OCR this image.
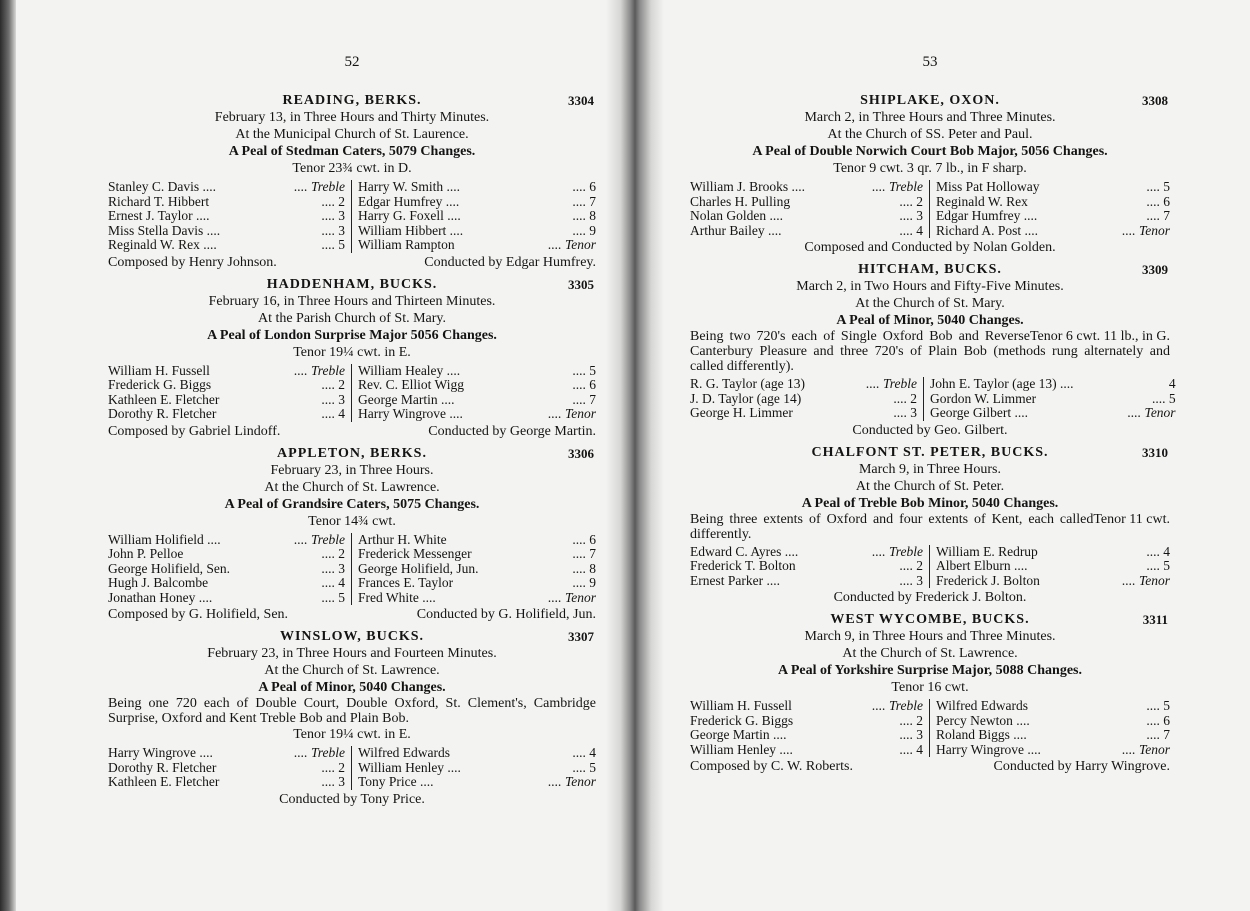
52
READING, BERKS.	3304
February 13, in Three Hours and Thirty Minutes.
At the Municipal Church of St. Laurence.
A Peal of Stedman Caters, 5079 Changes.
Tenor 23¾ cwt. in D.
Stanley C. Davis ....	.... Treble
Richard T. Hibbert	.... 2
Ernest J. Taylor ....	.... 3
Miss Stella Davis ....	.... 3
Reginald W. Rex ....	.... 5
Harry W. Smith ....	.... 6
Edgar Humfrey ....	.... 7
Harry G. Foxell ....	.... 8
William Hibbert ....	.... 9
William Rampton	.... Tenor
Composed by Henry Johnson.	Conducted by Edgar Humfrey.
HADDENHAM, BUCKS.	3305
February 16, in Three Hours and Thirteen Minutes.
At the Parish Church of St. Mary.
A Peal of London Surprise Major 5056 Changes.
Tenor 19¼ cwt. in E.
William H. Fussell	.... Treble
Frederick G. Biggs	.... 2
Kathleen E. Fletcher	.... 3
Dorothy R. Fletcher	.... 4
William Healey ....	.... 5
Rev. C. Elliot Wigg	.... 6
George Martin ....	.... 7
Harry Wingrove ....	.... Tenor
Composed by Gabriel Lindoff.	Conducted by George Martin.
APPLETON, BERKS.	3306
February 23, in Three Hours.
At the Church of St. Lawrence.
A Peal of Grandsire Caters, 5075 Changes.
Tenor 14¾ cwt.
William Holifield ....	.... Treble
John P. Pelloe	.... 2
George Holifield, Sen.	.... 3
Hugh J. Balcombe	.... 4
Jonathan Honey ....	.... 5
Arthur H. White	.... 6
Frederick Messenger	.... 7
George Holifield, Jun.	.... 8
Frances E. Taylor	.... 9
Fred White ....	.... Tenor
Composed by G. Holifield, Sen.	Conducted by G. Holifield, Jun.
WINSLOW, BUCKS.	3307
February 23, in Three Hours and Fourteen Minutes.
At the Church of St. Lawrence.
A Peal of Minor, 5040 Changes.
Being one 720 each of Double Court, Double Oxford, St. Clement's, Cambridge Surprise, Oxford and Kent Treble Bob and Plain Bob.
Tenor 19¼ cwt. in E.
Harry Wingrove ....	.... Treble
Dorothy R. Fletcher	.... 2
Kathleen E. Fletcher	.... 3
Wilfred Edwards	.... 4
William Henley ....	.... 5
Tony Price ....	.... Tenor
Conducted by Tony Price.
53
SHIPLAKE, OXON.	3308
March 2, in Three Hours and Three Minutes.
At the Church of SS. Peter and Paul.
A Peal of Double Norwich Court Bob Major, 5056 Changes.
Tenor 9 cwt. 3 qr. 7 lb., in F sharp.
William J. Brooks ....	.... Treble
Charles H. Pulling	.... 2
Nolan Golden ....	.... 3
Arthur Bailey ....	.... 4
Miss Pat Holloway	.... 5
Reginald W. Rex	.... 6
Edgar Humfrey ....	.... 7
Richard A. Post ....	.... Tenor
Composed and Conducted by Nolan Golden.
HITCHAM, BUCKS.	3309
March 2, in Two Hours and Fifty-Five Minutes.
At the Church of St. Mary.
A Peal of Minor, 5040 Changes.
Tenor 6 cwt. 11 lb., in G.
Being two 720's each of Single Oxford Bob and Reverse Canterbury Pleasure and three 720's of Plain Bob (methods rung alternately and called differently).
R. G. Taylor (age 13)	.... Treble
J. D. Taylor (age 14)	.... 2
George H. Limmer	.... 3
John E. Taylor (age 13) ....	4
Gordon W. Limmer	.... 5
George Gilbert ....	.... Tenor
Conducted by Geo. Gilbert.
CHALFONT ST. PETER, BUCKS.	3310
March 9, in Three Hours.
At the Church of St. Peter.
A Peal of Treble Bob Minor, 5040 Changes.
Tenor 11 cwt.
Being three extents of Oxford and four extents of Kent, each called differently.
Edward C. Ayres ....	.... Treble
Frederick T. Bolton	.... 2
Ernest Parker ....	.... 3
William E. Redrup	.... 4
Albert Elburn ....	.... 5
Frederick J. Bolton	.... Tenor
Conducted by Frederick J. Bolton.
WEST WYCOMBE, BUCKS.	3311
March 9, in Three Hours and Three Minutes.
At the Church of St. Lawrence.
A Peal of Yorkshire Surprise Major, 5088 Changes.
Tenor 16 cwt.
William H. Fussell	.... Treble
Frederick G. Biggs	.... 2
George Martin ....	.... 3
William Henley ....	.... 4
Wilfred Edwards	.... 5
Percy Newton ....	.... 6
Roland Biggs ....	.... 7
Harry Wingrove ....	.... Tenor
Composed by C. W. Roberts.	Conducted by Harry Wingrove.
